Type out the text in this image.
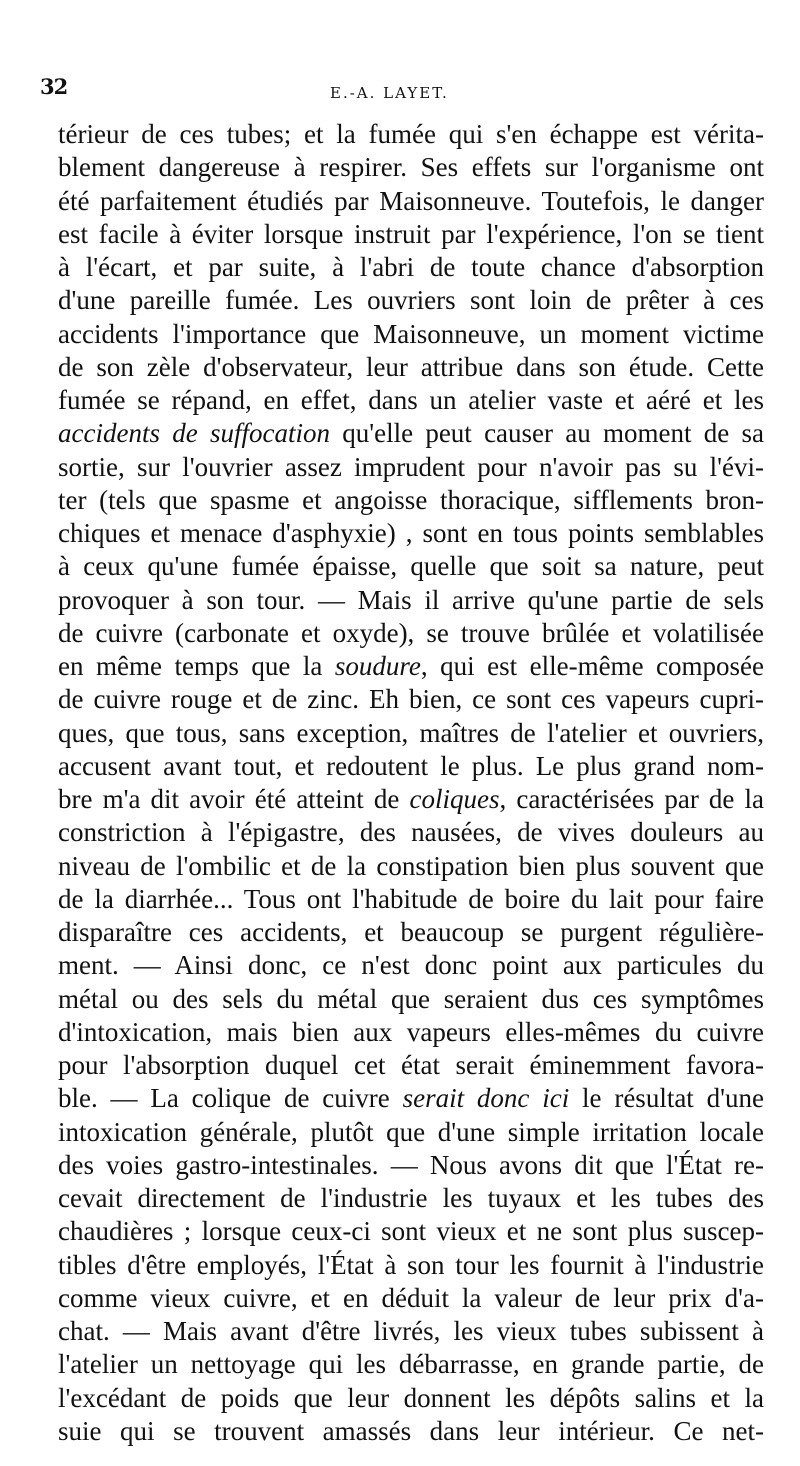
32	E.-A. LAYET.
térieur de ces tubes; et la fumée qui s'en échappe est vérita-
blement dangereuse à respirer. Ses effets sur l'organisme ont
été parfaitement étudiés par Maisonneuve. Toutefois, le danger
est facile à éviter lorsque instruit par l'expérience, l'on se tient
à l'écart, et par suite, à l'abri de toute chance d'absorption
d'une pareille fumée. Les ouvriers sont loin de prêter à ces
accidents l'importance que Maisonneuve, un moment victime
de son zèle d'observateur, leur attribue dans son étude. Cette
fumée se répand, en effet, dans un atelier vaste et aéré et les
accidents de suffocation qu'elle peut causer au moment de sa
sortie, sur l'ouvrier assez imprudent pour n'avoir pas su l'évi-
ter (tels que spasme et angoisse thoracique, sifflements bron-
chiques et menace d'asphyxie) , sont en tous points semblables
à ceux qu'une fumée épaisse, quelle que soit sa nature, peut
provoquer à son tour. — Mais il arrive qu'une partie de sels
de cuivre (carbonate et oxyde), se trouve brûlée et volatilisée
en même temps que la soudure, qui est elle-même composée
de cuivre rouge et de zinc. Eh bien, ce sont ces vapeurs cupri-
ques, que tous, sans exception, maîtres de l'atelier et ouvriers,
accusent avant tout, et redoutent le plus. Le plus grand nom-
bre m'a dit avoir été atteint de coliques, caractérisées par de la
constriction à l'épigastre, des nausées, de vives douleurs au
niveau de l'ombilic et de la constipation bien plus souvent que
de la diarrhée... Tous ont l'habitude de boire du lait pour faire
disparaître ces accidents, et beaucoup se purgent régulière-
ment. — Ainsi donc, ce n'est donc point aux particules du
métal ou des sels du métal que seraient dus ces symptômes
d'intoxication, mais bien aux vapeurs elles-mêmes du cuivre
pour l'absorption duquel cet état serait éminemment favora-
ble. — La colique de cuivre serait donc ici le résultat d'une
intoxication générale, plutôt que d'une simple irritation locale
des voies gastro-intestinales. — Nous avons dit que l'État re-
cevait directement de l'industrie les tuyaux et les tubes des
chaudières ; lorsque ceux-ci sont vieux et ne sont plus suscep-
tibles d'être employés, l'État à son tour les fournit à l'industrie
comme vieux cuivre, et en déduit la valeur de leur prix d'a-
chat. — Mais avant d'être livrés, les vieux tubes subissent à
l'atelier un nettoyage qui les débarrasse, en grande partie, de
l'excédant de poids que leur donnent les dépôts salins et la
suie qui se trouvent amassés dans leur intérieur. Ce net-
